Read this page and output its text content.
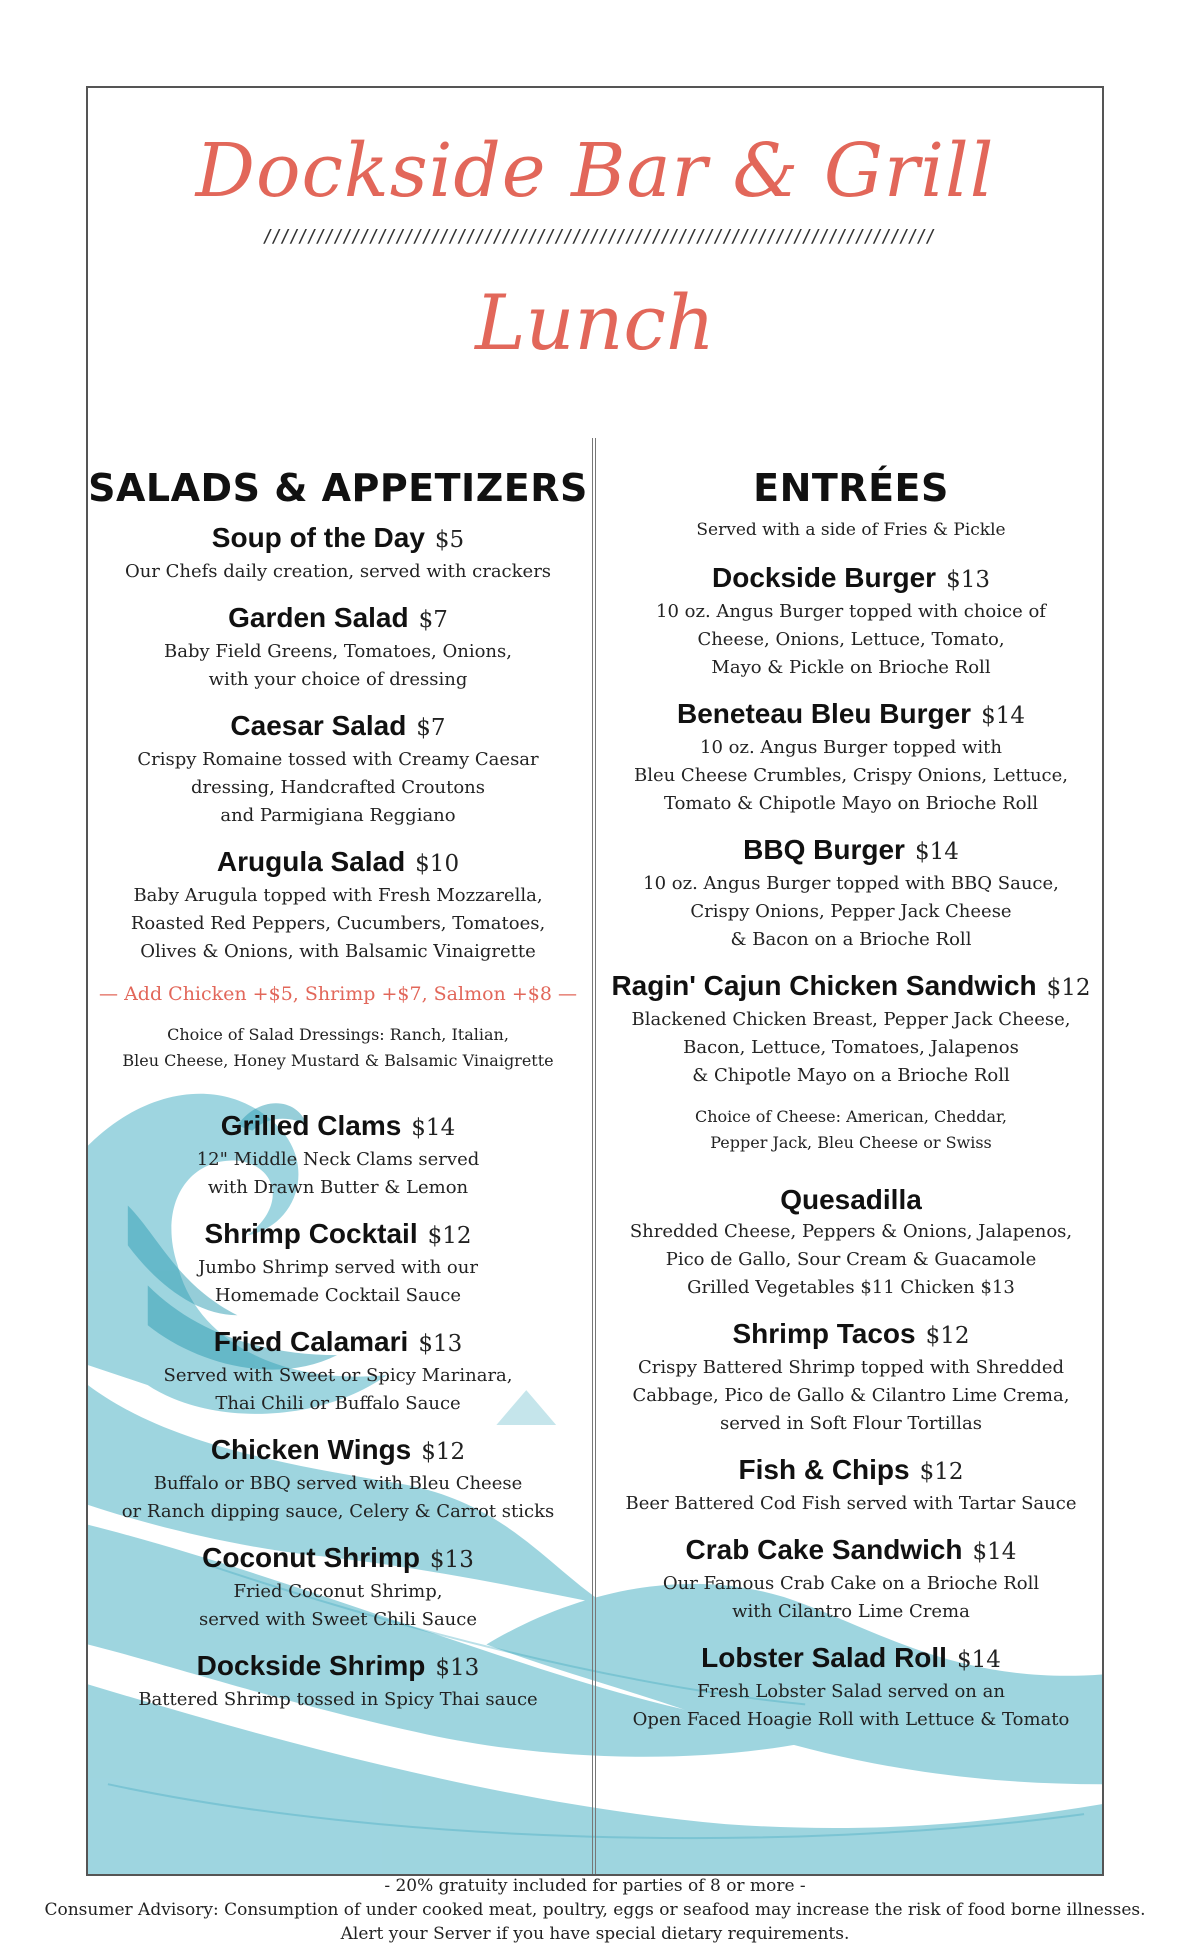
Dockside Bar & Grill
////////////////////////////////////////////////////////////////////////////
Lunch
SALADS & APPETIZERS
Soup of the Day $5
Our Chefs daily creation, served with crackers
Garden Salad $7
Baby Field Greens, Tomatoes, Onions,
with your choice of dressing
Caesar Salad $7
Crispy Romaine tossed with Creamy Caesar
dressing, Handcrafted Croutons
and Parmigiana Reggiano
Arugula Salad $10
Baby Arugula topped with Fresh Mozzarella,
Roasted Red Peppers, Cucumbers, Tomatoes,
Olives & Onions, with Balsamic Vinaigrette
— Add Chicken +$5, Shrimp +$7, Salmon +$8 —
Choice of Salad Dressings: Ranch, Italian,
Bleu Cheese, Honey Mustard & Balsamic Vinaigrette
Grilled Clams $14
12" Middle Neck Clams served
with Drawn Butter & Lemon
Shrimp Cocktail $12
Jumbo Shrimp served with our
Homemade Cocktail Sauce
Fried Calamari $13
Served with Sweet or Spicy Marinara,
Thai Chili or Buffalo Sauce
Chicken Wings $12
Buffalo or BBQ served with Bleu Cheese
or Ranch dipping sauce, Celery & Carrot sticks
Coconut Shrimp $13
Fried Coconut Shrimp,
served with Sweet Chili Sauce
Dockside Shrimp $13
Battered Shrimp tossed in Spicy Thai sauce
ENTRÉES
Served with a side of Fries & Pickle
Dockside Burger $13
10 oz. Angus Burger topped with choice of
Cheese, Onions, Lettuce, Tomato,
Mayo & Pickle on Brioche Roll
Beneteau Bleu Burger $14
10 oz. Angus Burger topped with
Bleu Cheese Crumbles, Crispy Onions, Lettuce,
Tomato & Chipotle Mayo on Brioche Roll
BBQ Burger $14
10 oz. Angus Burger topped with BBQ Sauce,
Crispy Onions, Pepper Jack Cheese
& Bacon on a Brioche Roll
Ragin' Cajun Chicken Sandwich $12
Blackened Chicken Breast, Pepper Jack Cheese,
Bacon, Lettuce, Tomatoes, Jalapenos
& Chipotle Mayo on a Brioche Roll
Choice of Cheese: American, Cheddar,
Pepper Jack, Bleu Cheese or Swiss
Quesadilla
Shredded Cheese, Peppers & Onions, Jalapenos,
Pico de Gallo, Sour Cream & Guacamole
Grilled Vegetables $11 Chicken $13
Shrimp Tacos $12
Crispy Battered Shrimp topped with Shredded
Cabbage, Pico de Gallo & Cilantro Lime Crema,
served in Soft Flour Tortillas
Fish & Chips $12
Beer Battered Cod Fish served with Tartar Sauce
Crab Cake Sandwich $14
Our Famous Crab Cake on a Brioche Roll
with Cilantro Lime Crema
Lobster Salad Roll $14
Fresh Lobster Salad served on an
Open Faced Hoagie Roll with Lettuce & Tomato
- 20% gratuity included for parties of 8 or more -
Consumer Advisory: Consumption of under cooked meat, poultry, eggs or seafood may increase the risk of food borne illnesses.
Alert your Server if you have special dietary requirements.
